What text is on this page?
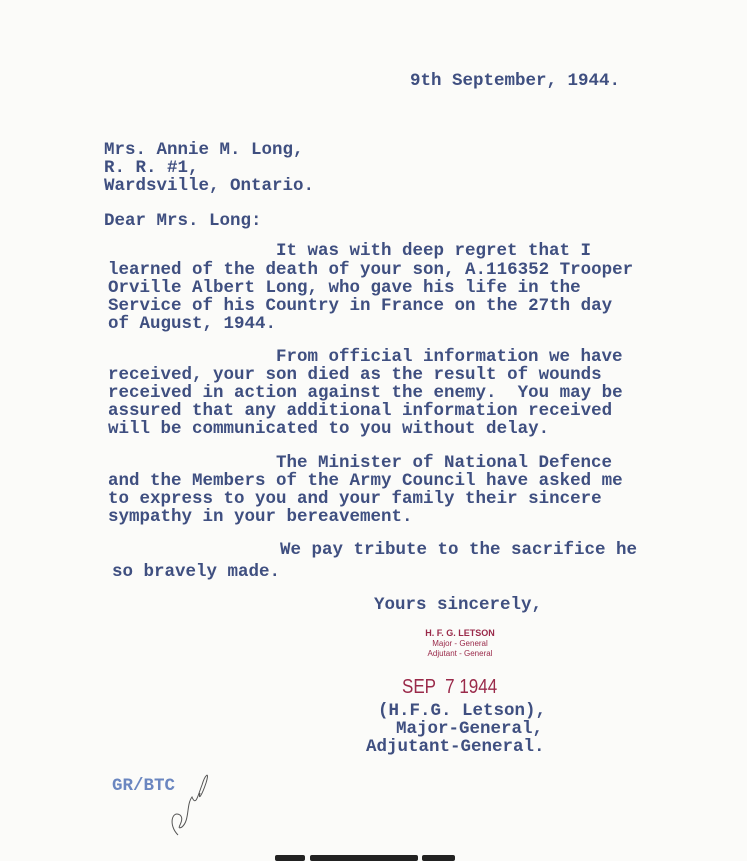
9th September, 1944.
Mrs. Annie M. Long,
R. R. #1,
Wardsville, Ontario.
Dear Mrs. Long:
It was with deep regret that I
learned of the death of your son, A.116352 Trooper
Orville Albert Long, who gave his life in the
Service of his Country in France on the 27th day
of August, 1944.
From official information we have
received, your son died as the result of wounds
received in action against the enemy.  You may be
assured that any additional information received
will be communicated to you without delay.
The Minister of National Defence
and the Members of the Army Council have asked me
to express to you and your family their sincere
sympathy in your bereavement.
We pay tribute to the sacrifice he
so bravely made.
Yours sincerely,
H. F. G. LETSON
Major - General
Adjutant - General
SEP  7 1944
(H.F.G. Letson),
Major-General,
Adjutant-General.
GR/BTC
